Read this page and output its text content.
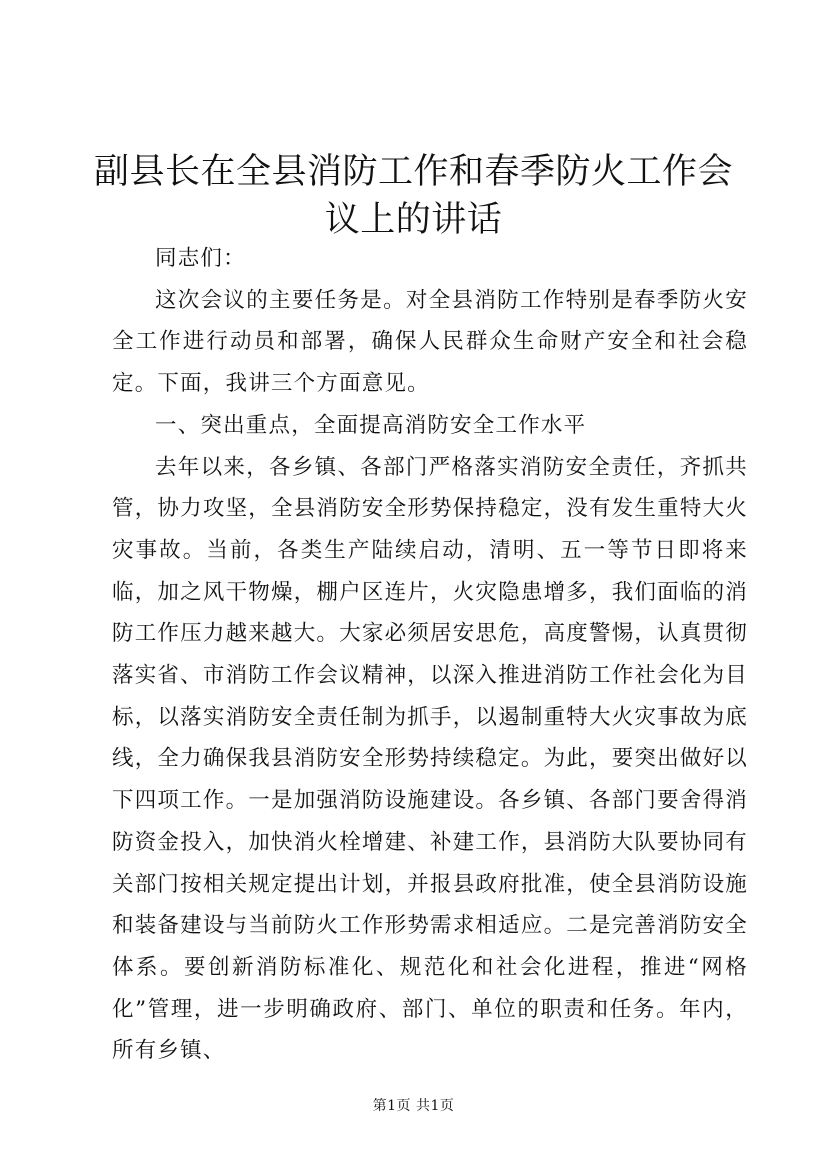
副县长在全县消防工作和春季防火工作会议上的讲话

同志们：

这次会议的主要任务是。对全县消防工作特别是春季防火安全工作进行动员和部署，确保人民群众生命财产安全和社会稳定。下面，我讲三个方面意见。

一、突出重点，全面提高消防安全工作水平

去年以来，各乡镇、各部门严格落实消防安全责任，齐抓共管，协力攻坚，全县消防安全形势保持稳定，没有发生重特大火灾事故。当前，各类生产陆续启动，清明、五一等节日即将来临，加之风干物燥，棚户区连片，火灾隐患增多，我们面临的消防工作压力越来越大。大家必须居安思危，高度警惕，认真贯彻落实省、市消防工作会议精神，以深入推进消防工作社会化为目标，以落实消防安全责任制为抓手，以遏制重特大火灾事故为底线，全力确保我县消防安全形势持续稳定。为此，要突出做好以下四项工作。一是加强消防设施建设。各乡镇、各部门要舍得消防资金投入，加快消火栓增建、补建工作，县消防大队要协同有关部门按相关规定提出计划，并报县政府批准，使全县消防设施和装备建设与当前防火工作形势需求相适应。二是完善消防安全体系。要创新消防标准化、规范化和社会化进程，推进“网格化”管理，进一步明确政府、部门、单位的职责和任务。年内，所有乡镇、

第1页 共1页
